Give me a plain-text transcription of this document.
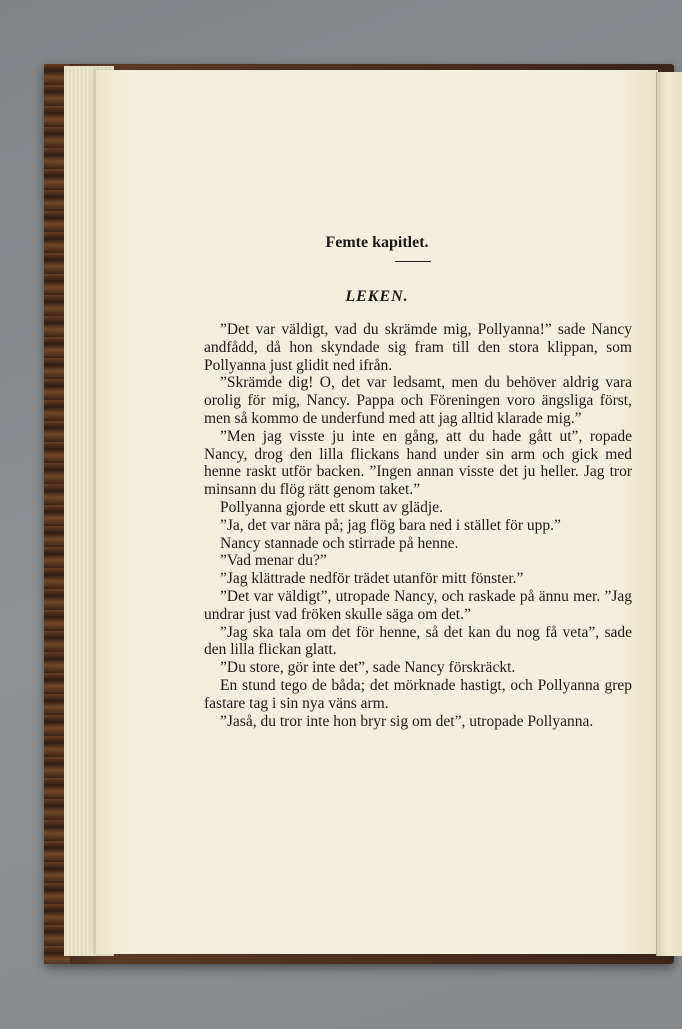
Femte kapitlet.
LEKEN.

”Det var väldigt, vad du skrämde mig, Pollyanna!” sade Nancy andfådd, då hon skyndade sig fram till den stora klippan, som Pollyanna just glidit ned ifrån.

”Skrämde dig! O, det var ledsamt, men du behöver aldrig vara orolig för mig, Nancy. Pappa och Föreningen voro ängsliga först, men så kommo de underfund med att jag alltid klarade mig.”

”Men jag visste ju inte en gång, att du hade gått ut”, ropade Nancy, drog den lilla flickans hand under sin arm och gick med henne raskt utför backen. ”Ingen annan visste det ju heller. Jag tror minsann du flög rätt genom taket.”

Pollyanna gjorde ett skutt av glädje.

”Ja, det var nära på; jag flög bara ned i stället för upp.”

Nancy stannade och stirrade på henne.

”Vad menar du?”

”Jag klättrade nedför trädet utanför mitt fönster.”

”Det var väldigt”, utropade Nancy, och raskade på ännu mer. ”Jag undrar just vad fröken skulle säga om det.”

”Jag ska tala om det för henne, så det kan du nog få veta”, sade den lilla flickan glatt.

”Du store, gör inte det”, sade Nancy förskräckt.

En stund tego de båda; det mörknade hastigt, och Pollyanna grep fastare tag i sin nya väns arm.

”Jaså, du tror inte hon bryr sig om det”, utropade Pollyanna.
